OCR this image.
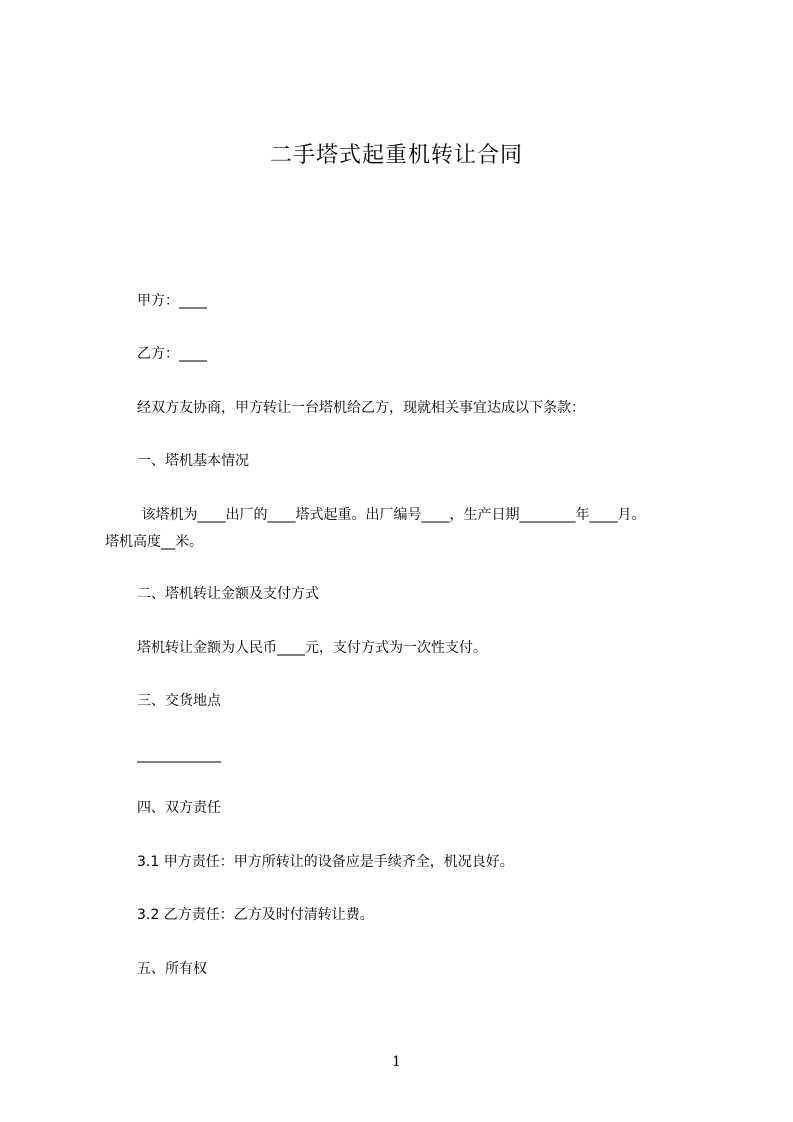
二手塔式起重机转让合同
甲方：____
乙方：____
经双方友协商，甲方转让一台塔机给乙方，现就相关事宜达成以下条款：
一、塔机基本情况
该塔机为____出厂的____塔式起重。出厂编号____，生产日期________年____月。
塔机高度__米。
二、塔机转让金额及支付方式
塔机转让金额为人民币____元，支付方式为一次性支付。
三、交货地点
____________
四、双方责任
3.1 甲方责任：甲方所转让的设备应是手续齐全，机况良好。
3.2 乙方责任：乙方及时付清转让费。
五、所有权
1
